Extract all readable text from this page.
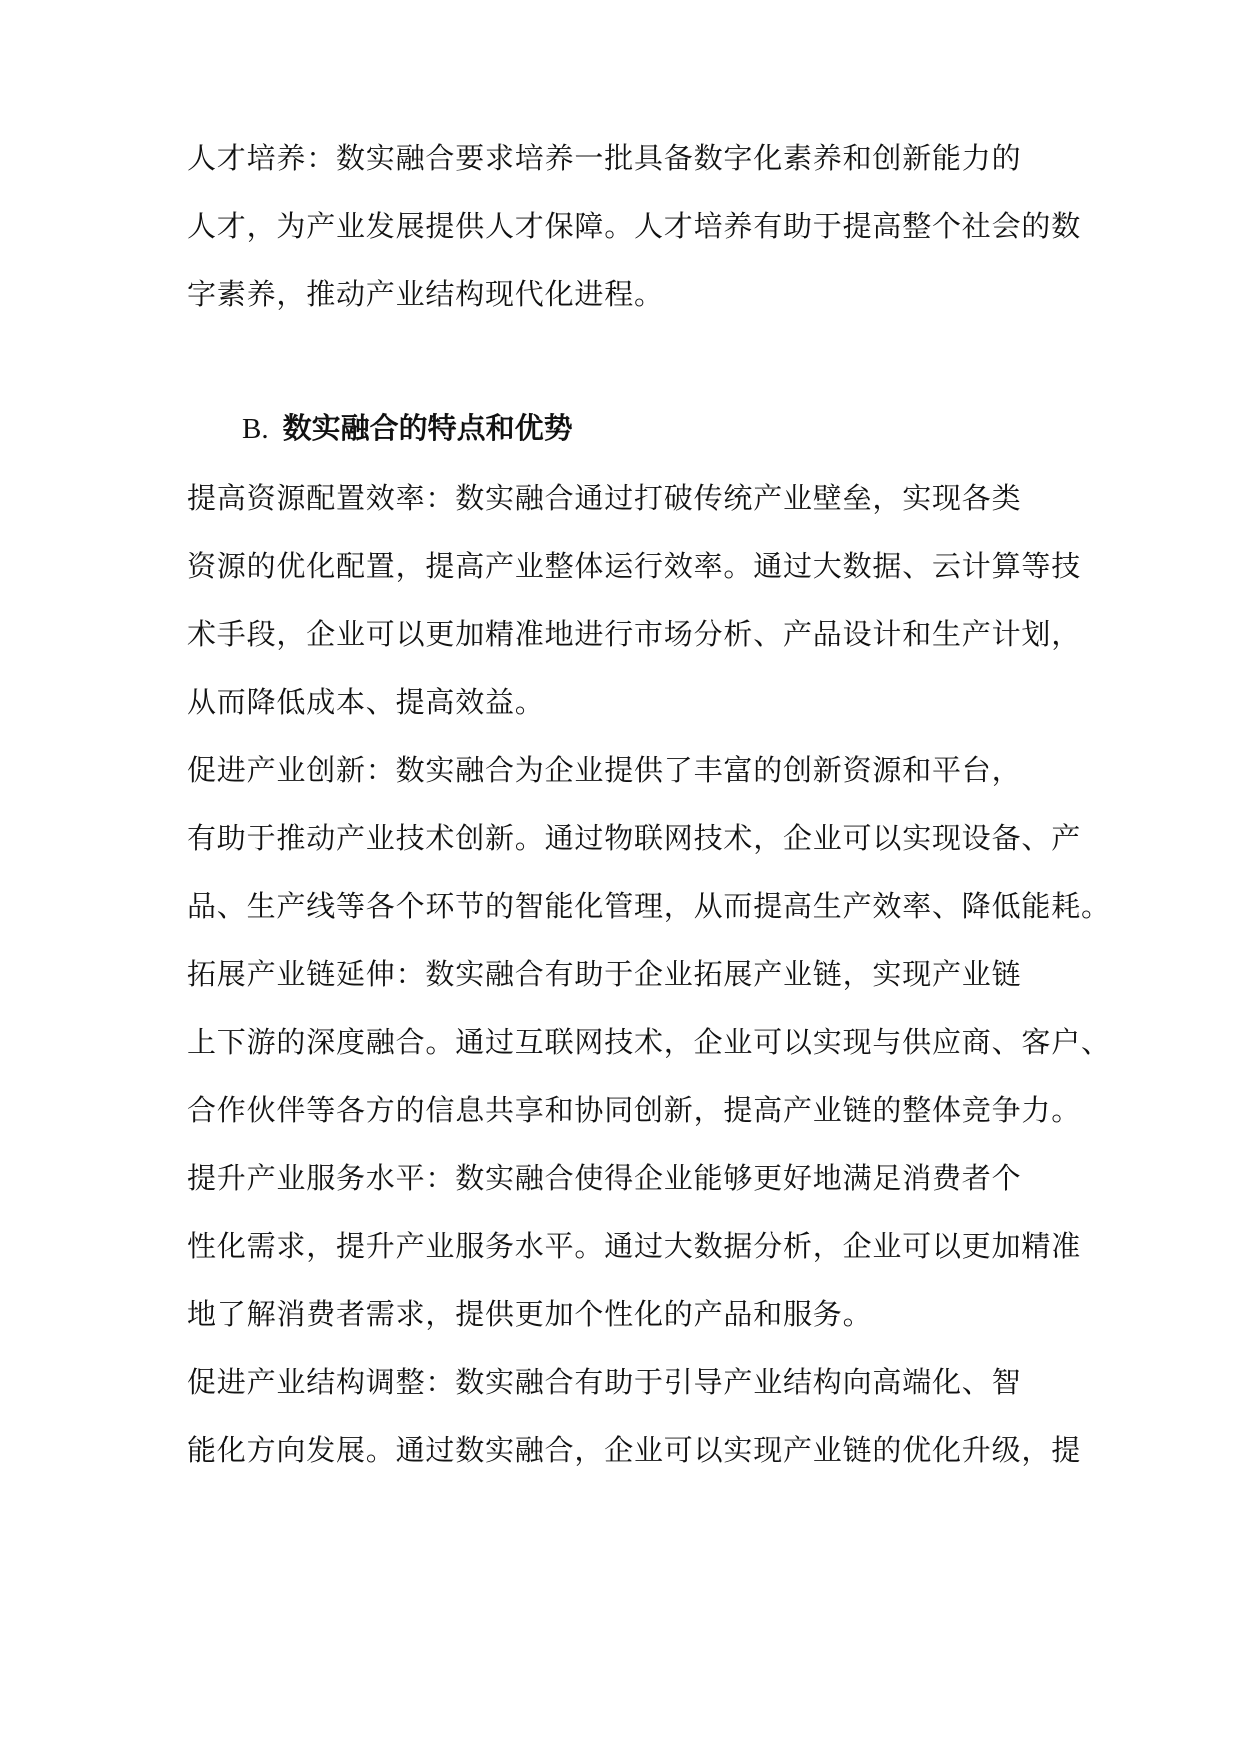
人才培养：数实融合要求培养一批具备数字化素养和创新能力的
人才，为产业发展提供人才保障。人才培养有助于提高整个社会的数
字素养，推动产业结构现代化进程。
B. 数实融合的特点和优势
提高资源配置效率：数实融合通过打破传统产业壁垒，实现各类
资源的优化配置，提高产业整体运行效率。通过大数据、云计算等技
术手段，企业可以更加精准地进行市场分析、产品设计和生产计划，
从而降低成本、提高效益。
促进产业创新：数实融合为企业提供了丰富的创新资源和平台，
有助于推动产业技术创新。通过物联网技术，企业可以实现设备、产
品、生产线等各个环节的智能化管理，从而提高生产效率、降低能耗。
拓展产业链延伸：数实融合有助于企业拓展产业链，实现产业链
上下游的深度融合。通过互联网技术，企业可以实现与供应商、客户、
合作伙伴等各方的信息共享和协同创新，提高产业链的整体竞争力。
提升产业服务水平：数实融合使得企业能够更好地满足消费者个
性化需求，提升产业服务水平。通过大数据分析，企业可以更加精准
地了解消费者需求，提供更加个性化的产品和服务。
促进产业结构调整：数实融合有助于引导产业结构向高端化、智
能化方向发展。通过数实融合，企业可以实现产业链的优化升级，提
